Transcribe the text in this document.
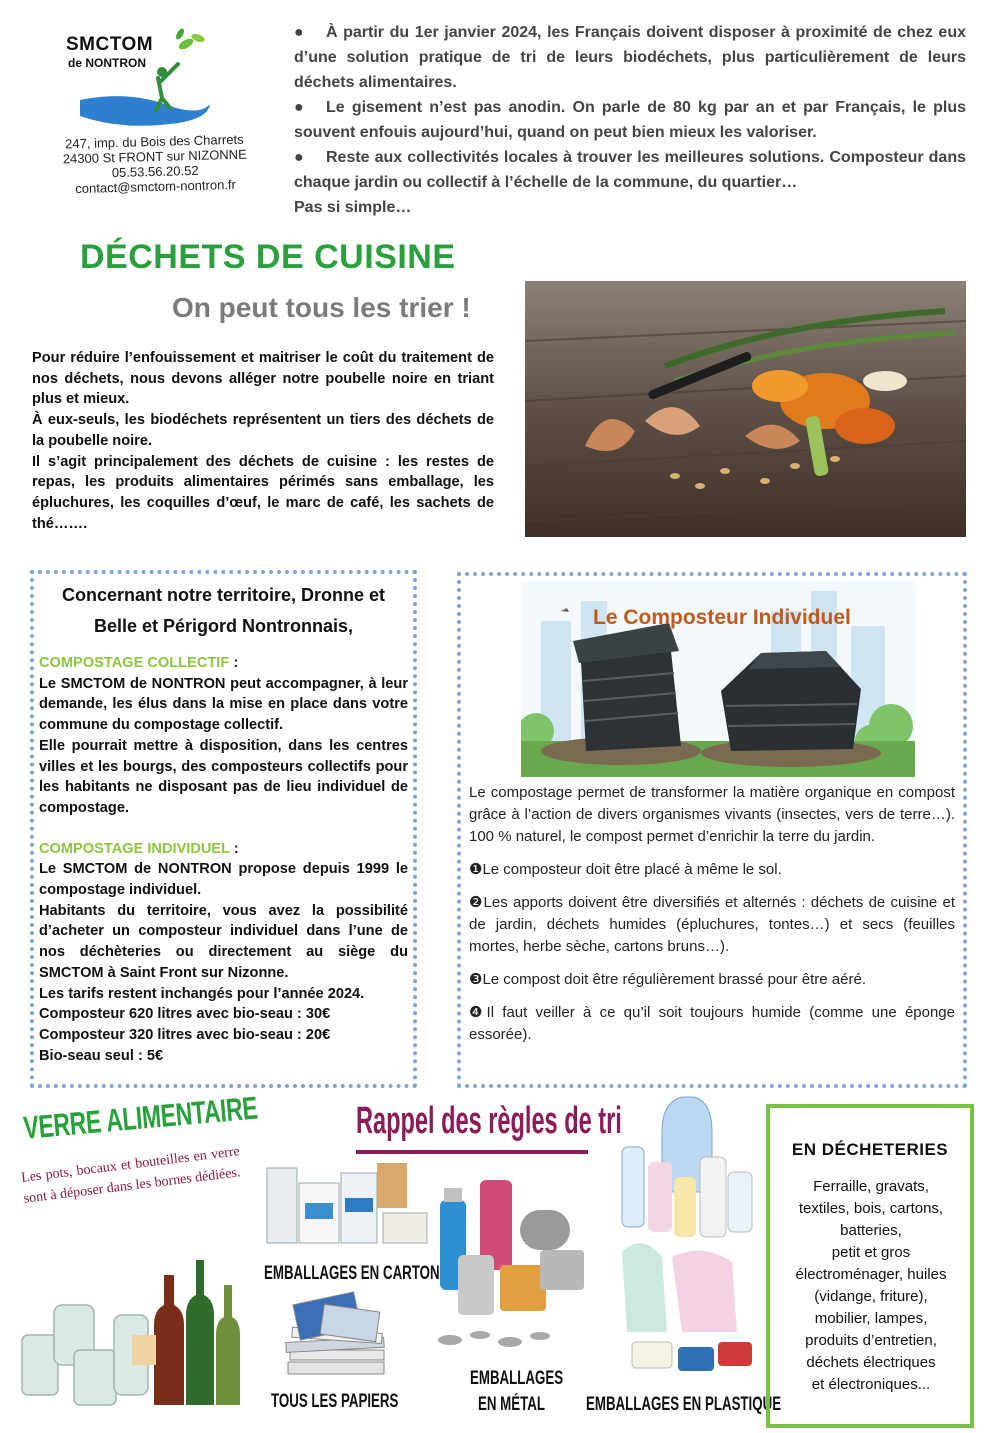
SMCTOM
de NONTRON
247, imp. du Bois des Charrets
24300 St FRONT sur NIZONNE
05.53.56.20.52
contact@smctom-nontron.fr

● À partir du 1er janvier 2024, les Français doivent disposer à proximité de chez eux d’une solution pratique de tri de leurs biodéchets, plus particulièrement de leurs déchets alimentaires.

● Le gisement n’est pas anodin. On parle de 80 kg par an et par Français, le plus souvent enfouis aujourd’hui, quand on peut bien mieux les valoriser.

● Reste aux collectivités locales à trouver les meilleures solutions. Composteur dans chaque jardin ou collectif à l’échelle de la commune, du quartier…

Pas si simple…

DÉCHETS DE CUISINE
On peut tous les trier !

Pour réduire l’enfouissement et maitriser le coût du traitement de nos déchets, nous devons alléger notre poubelle noire en triant plus et mieux.

À eux-seuls, les biodéchets représentent un tiers des déchets de la poubelle noire.

Il s’agit principalement des déchets de cuisine : les restes de repas, les produits alimentaires périmés sans emballage, les épluchures, les coquilles d’œuf, le marc de café, les sachets de thé…….

Concernant notre territoire, Dronne et
Belle et Périgord Nontronnais,

COMPOSTAGE COLLECTIF :

Le SMCTOM de NONTRON peut accompagner, à leur demande, les élus dans la mise en place dans votre commune du compostage collectif.

Elle pourrait mettre à disposition, dans les centres villes et les bourgs, des composteurs collectifs pour les habitants ne disposant pas de lieu individuel de compostage.

COMPOSTAGE INDIVIDUEL :

Le SMCTOM de NONTRON propose depuis 1999 le compostage individuel.

Habitants du territoire, vous avez la possibilité d’acheter un composteur individuel dans l’une de nos déchèteries ou directement au siège du SMCTOM à Saint Front sur Nizonne.

Les tarifs restent inchangés pour l’année 2024.

Composteur 620 litres avec bio-seau : 30€

Composteur 320 litres avec bio-seau : 20€

Bio-seau seul : 5€

Le Composteur Individuel

Le compostage permet de transformer la matière organique en compost grâce à l’action de divers organismes vivants (insectes, vers de terre…). 100 % naturel, le compost permet d’enrichir la terre du jardin.

❶Le composteur doit être placé à même le sol.

❷Les apports doivent être diversifiés et alternés : déchets de cuisine et de jardin, déchets humides (épluchures, tontes…) et secs (feuilles mortes, herbe sèche, cartons bruns…).

❸Le compost doit être régulièrement brassé pour être aéré.

❹Il faut veiller à ce qu’il soit toujours humide (comme une éponge essorée).

VERRE ALIMENTAIRE
Les pots, bocaux et bouteilles en verre sont à déposer dans les bornes dédiées.
Rappel des règles de tri
EMBALLAGES EN CARTON
TOUS LES PAPIERS
EMBALLAGES
EN MÉTAL EMBALLAGES EN PLASTIQUE
EN DÉCHETERIES
Ferraille, gravats,
textiles, bois, cartons,
batteries,
petit et gros
électroménager, huiles
(vidange, friture),
mobilier, lampes,
produits d’entretien,
déchets électriques
et électroniques...
